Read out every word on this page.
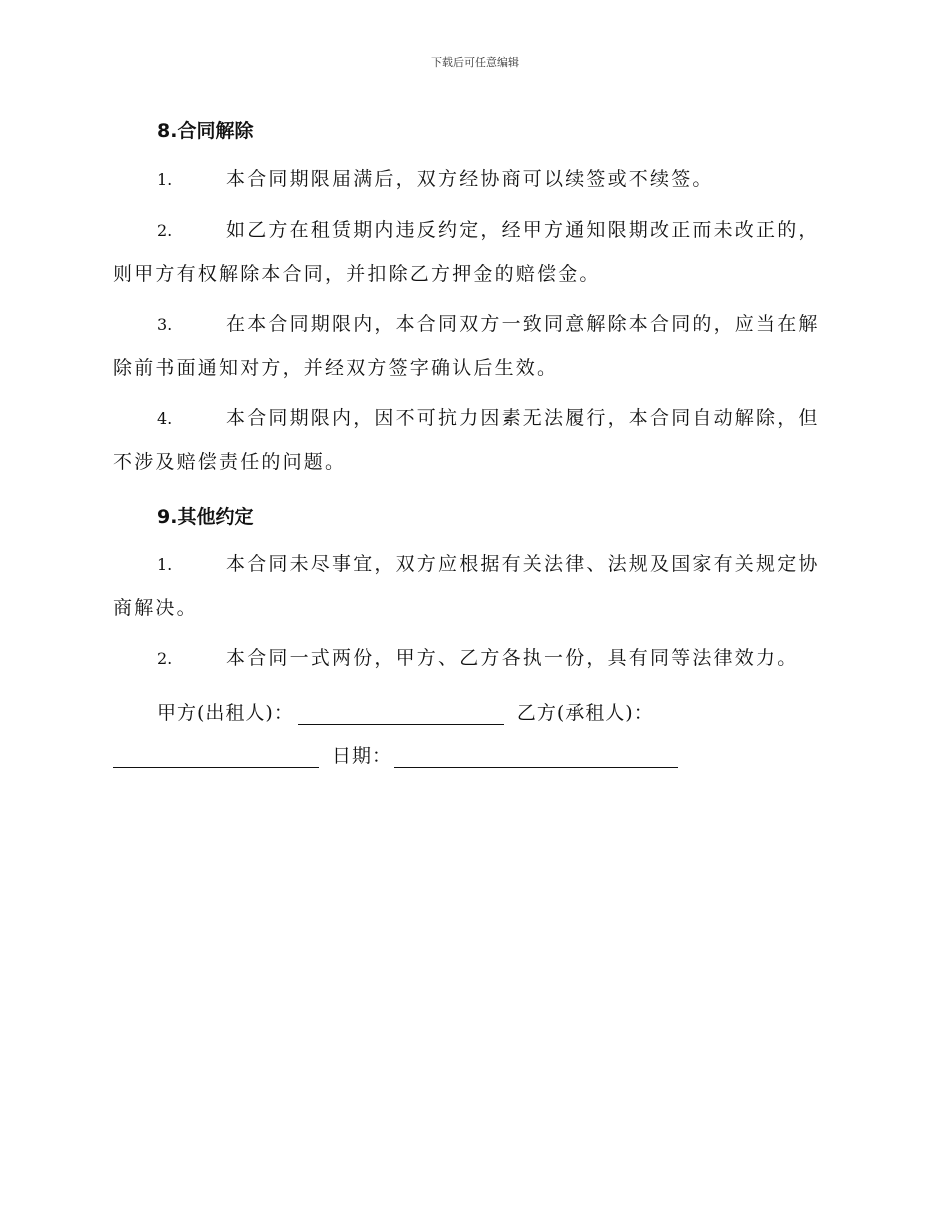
下载后可任意编辑
8.合同解除
1.	本合同期限届满后，双方经协商可以续签或不续签。
2.	如乙方在租赁期内违反约定，经甲方通知限期改正而未改正的，
则甲方有权解除本合同，并扣除乙方押金的赔偿金。
3.	在本合同期限内，本合同双方一致同意解除本合同的，应当在解
除前书面通知对方，并经双方签字确认后生效。
4.	本合同期限内，因不可抗力因素无法履行，本合同自动解除，但
不涉及赔偿责任的问题。
9.其他约定
1.	本合同未尽事宜，双方应根据有关法律、法规及国家有关规定协
商解决。
2.	本合同一式两份，甲方、乙方各执一份，具有同等法律效力。
甲方(出租人)：	乙方(承租人)：
日期：
